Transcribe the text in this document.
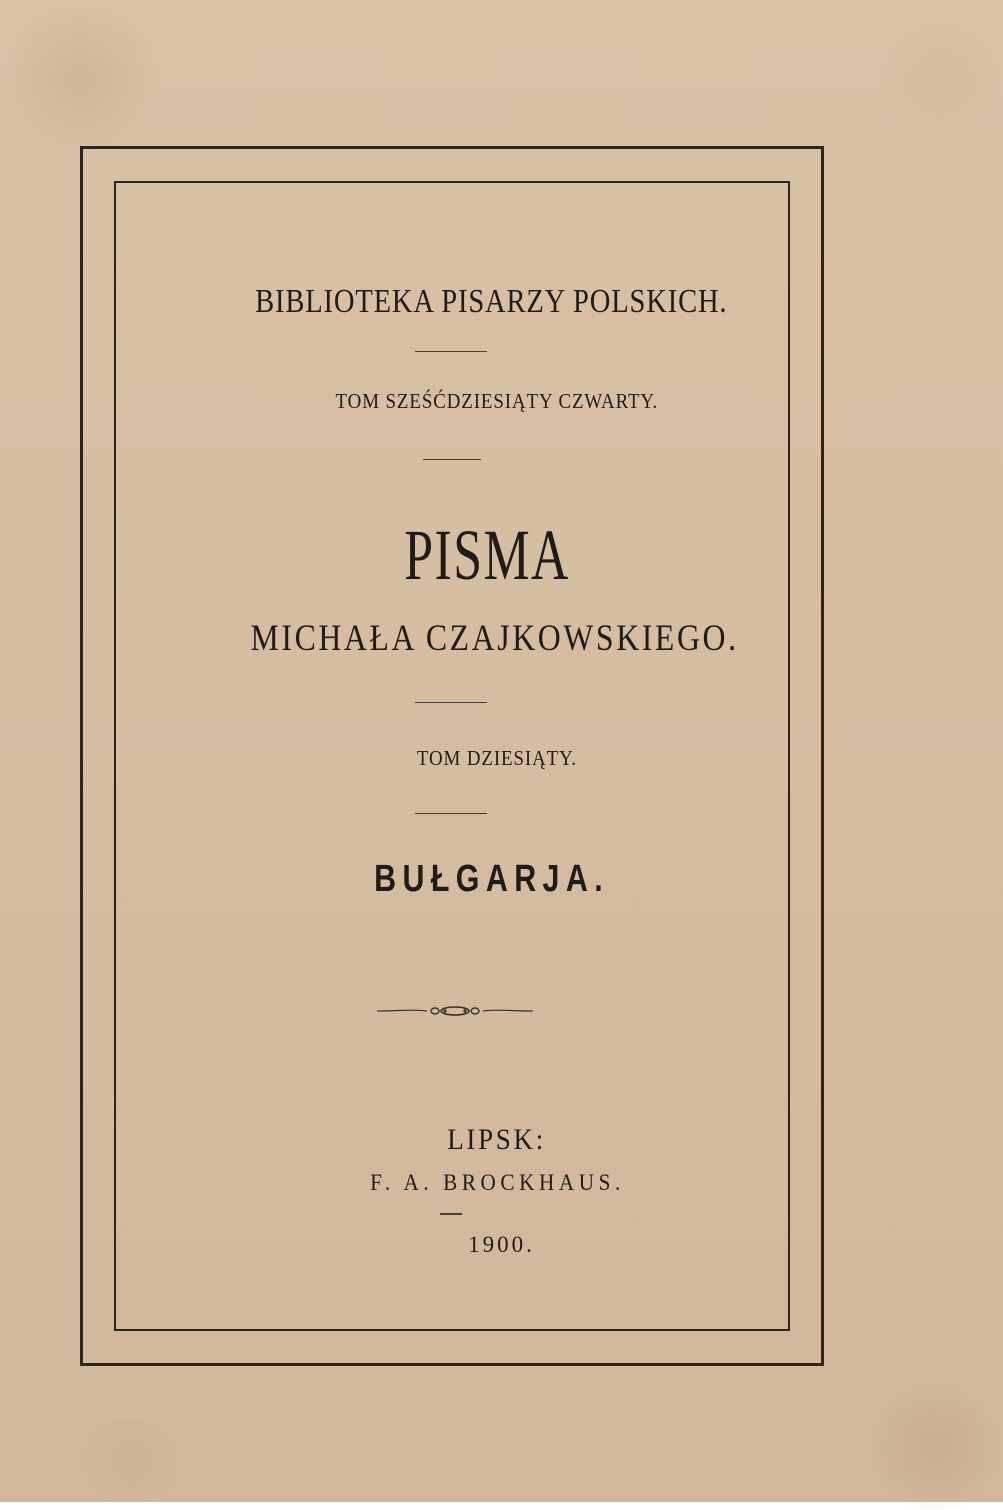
BIBLIOTEKA PISARZY POLSKICH.
TOM SZEŚĆDZIESIĄTY CZWARTY.
PISMA
MICHAŁA CZAJKOWSKIEGO.
TOM DZIESIĄTY.
BUŁGARJA.
LIPSK:
F. A. BROCKHAUS.
1900.
